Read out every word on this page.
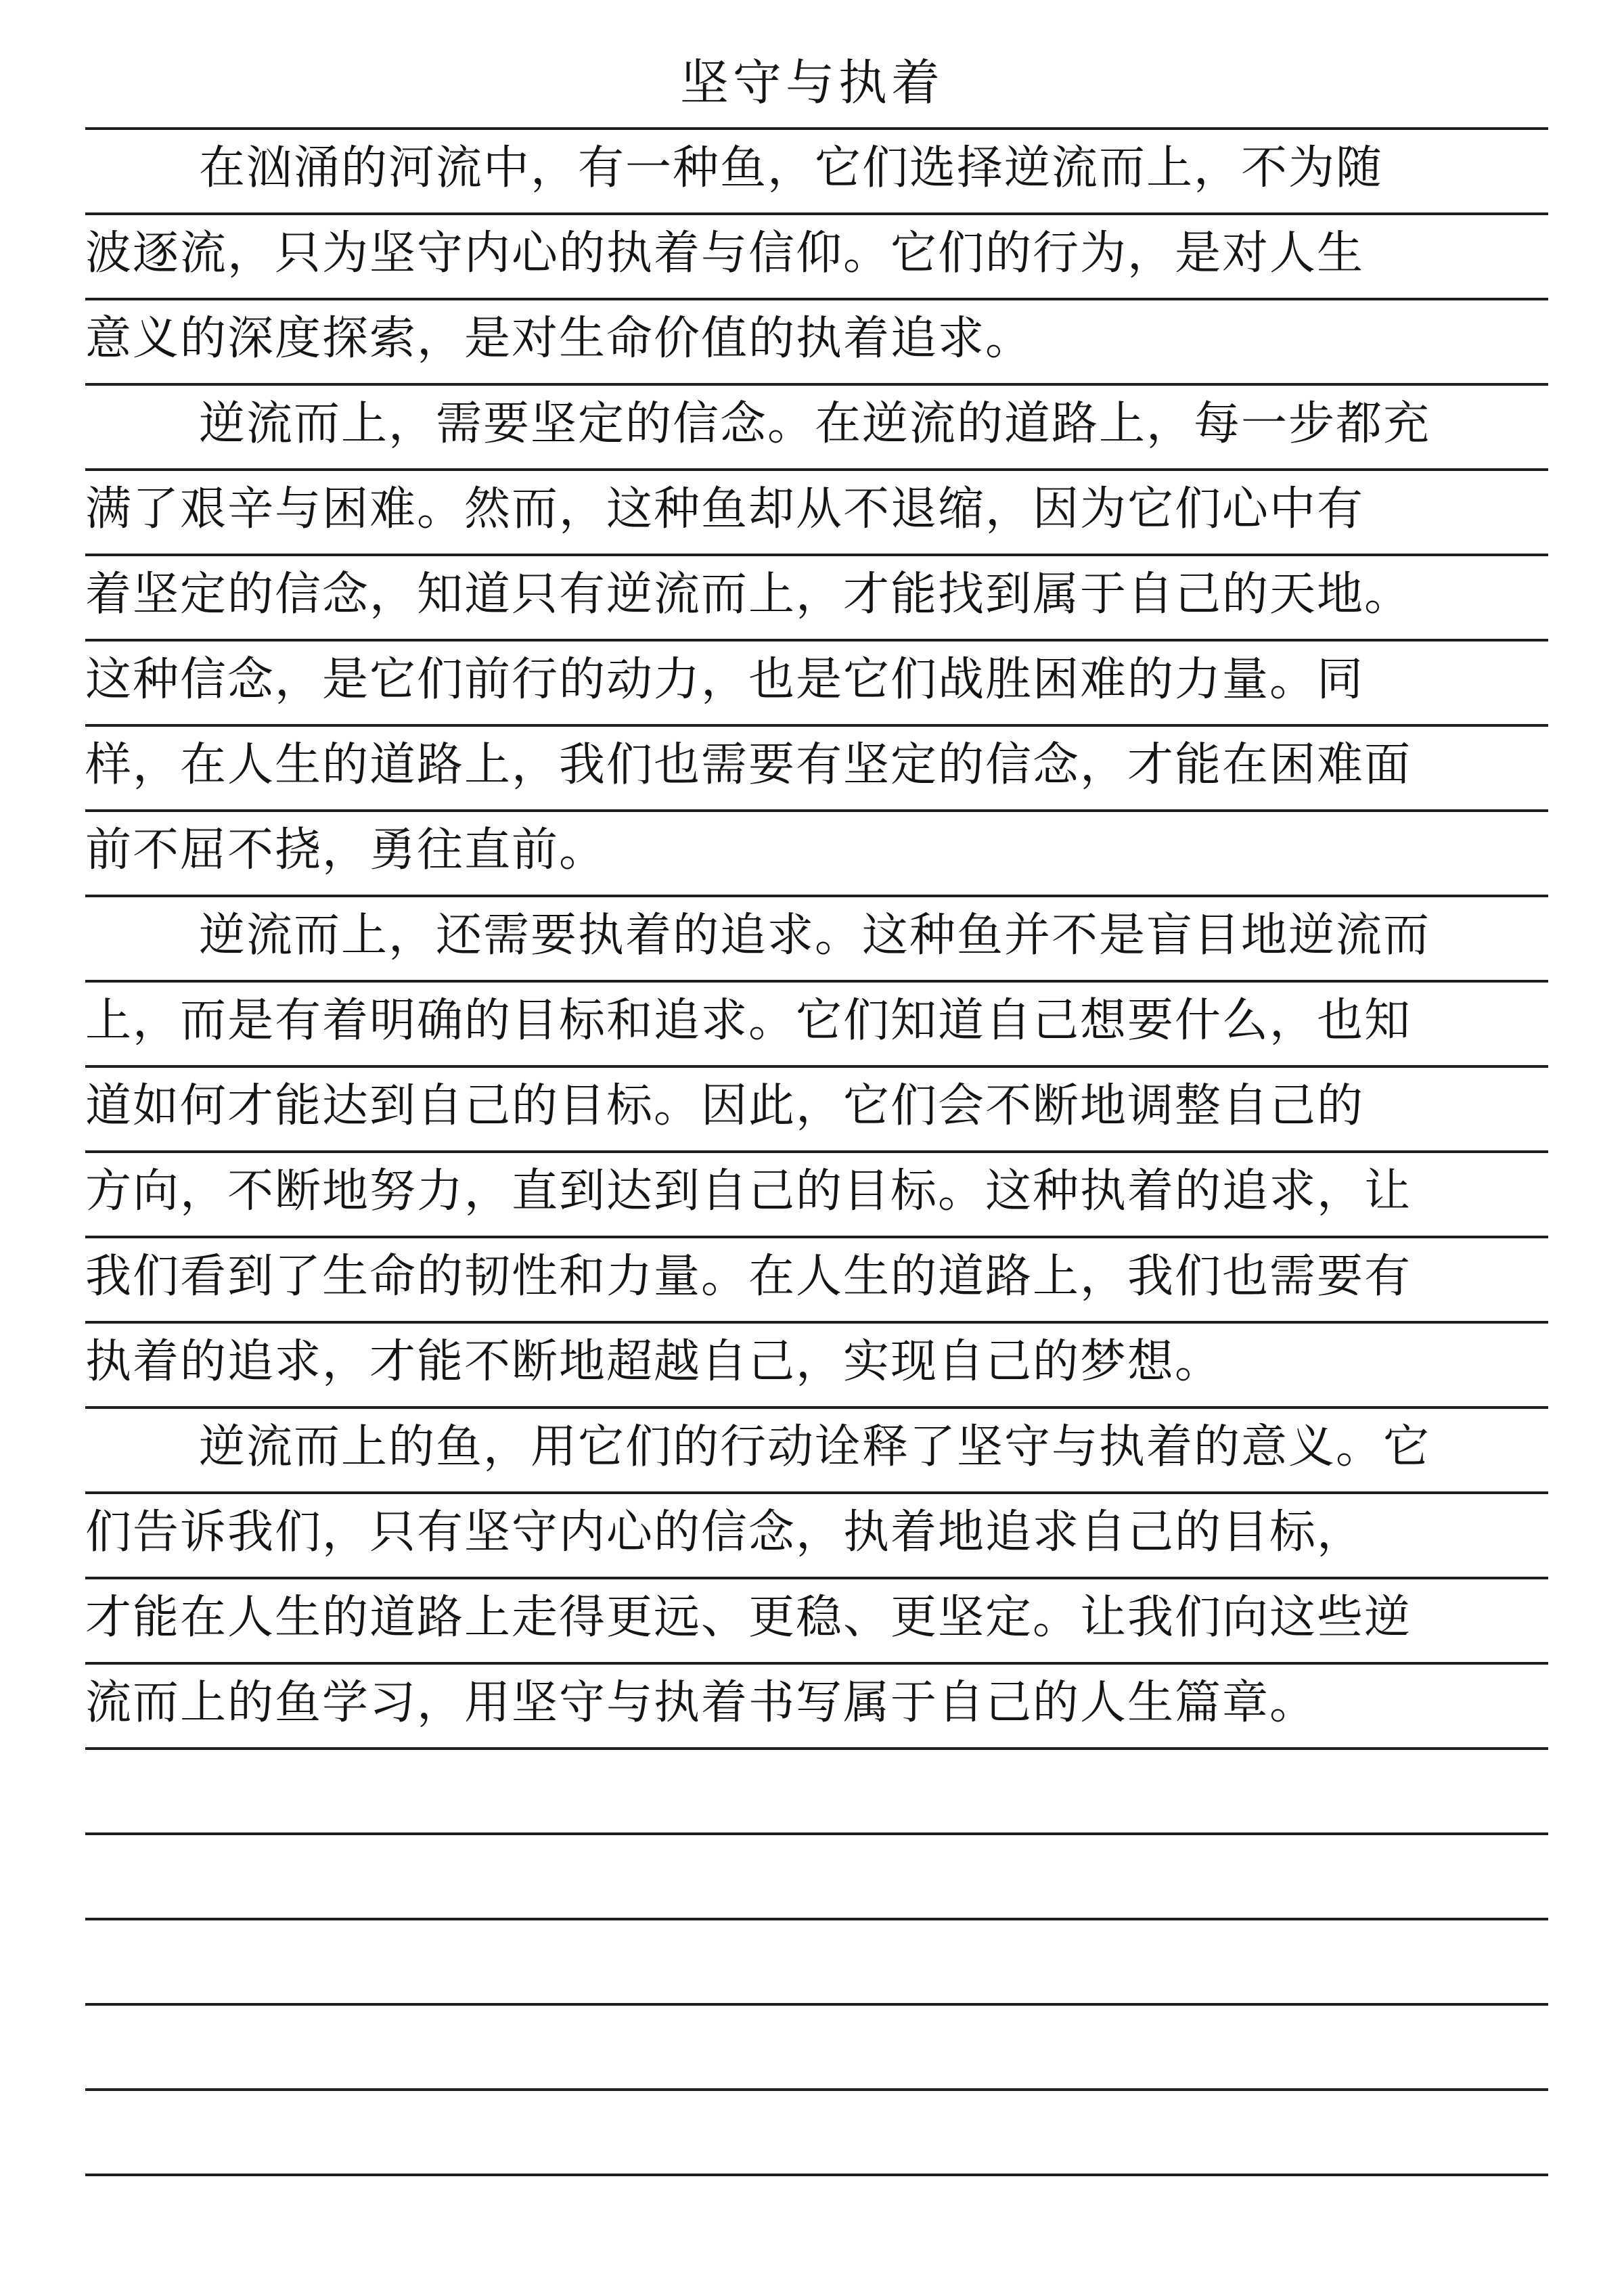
坚守与执着
在汹涌的河流中，有一种鱼，它们选择逆流而上，不为随
波逐流，只为坚守内心的执着与信仰。它们的行为，是对人生
意义的深度探索，是对生命价值的执着追求。
逆流而上，需要坚定的信念。在逆流的道路上，每一步都充
满了艰辛与困难。然而，这种鱼却从不退缩，因为它们心中有
着坚定的信念，知道只有逆流而上，才能找到属于自己的天地。
这种信念，是它们前行的动力，也是它们战胜困难的力量。同
样，在人生的道路上，我们也需要有坚定的信念，才能在困难面
前不屈不挠，勇往直前。
逆流而上，还需要执着的追求。这种鱼并不是盲目地逆流而
上，而是有着明确的目标和追求。它们知道自己想要什么，也知
道如何才能达到自己的目标。因此，它们会不断地调整自己的
方向，不断地努力，直到达到自己的目标。这种执着的追求，让
我们看到了生命的韧性和力量。在人生的道路上，我们也需要有
执着的追求，才能不断地超越自己，实现自己的梦想。
逆流而上的鱼，用它们的行动诠释了坚守与执着的意义。它
们告诉我们，只有坚守内心的信念，执着地追求自己的目标，
才能在人生的道路上走得更远、更稳、更坚定。让我们向这些逆
流而上的鱼学习，用坚守与执着书写属于自己的人生篇章。
